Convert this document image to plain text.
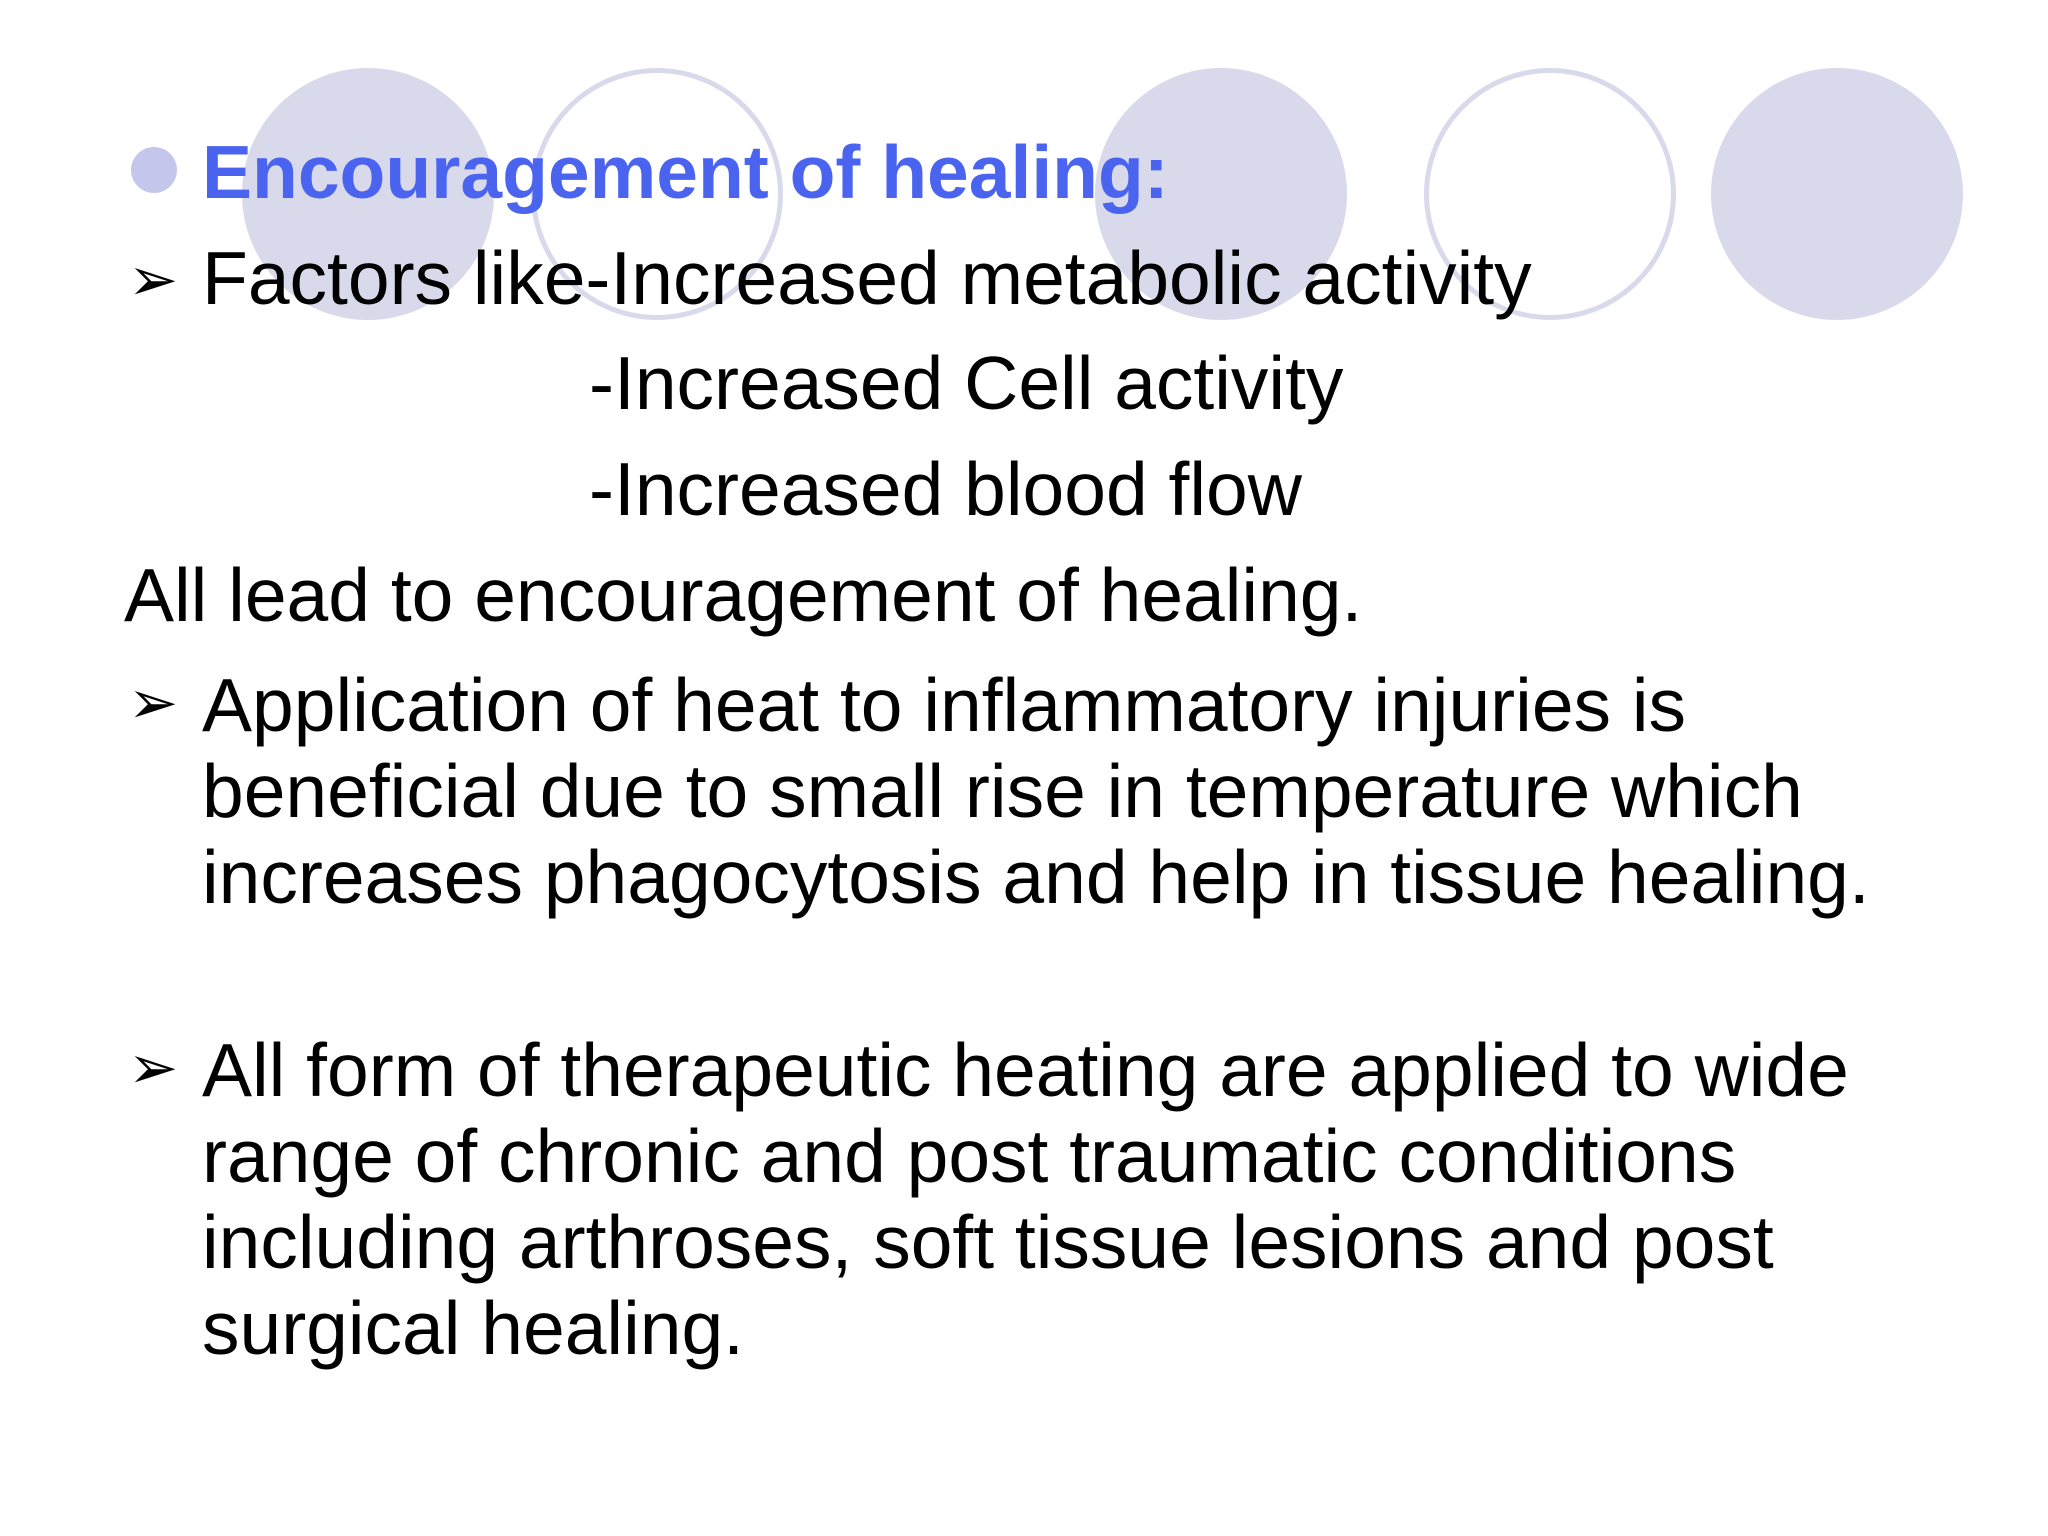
Encouragement of healing:
➢ Factors like-Increased metabolic activity
-Increased Cell activity
-Increased blood flow
All lead to encouragement of healing.
➢ Application of heat to inflammatory injuries is beneficial due to small rise in temperature which increases phagocytosis and help in tissue healing.
➢ All form of therapeutic heating are applied to wide range of chronic and post traumatic conditions including arthroses, soft tissue lesions and post surgical healing.
